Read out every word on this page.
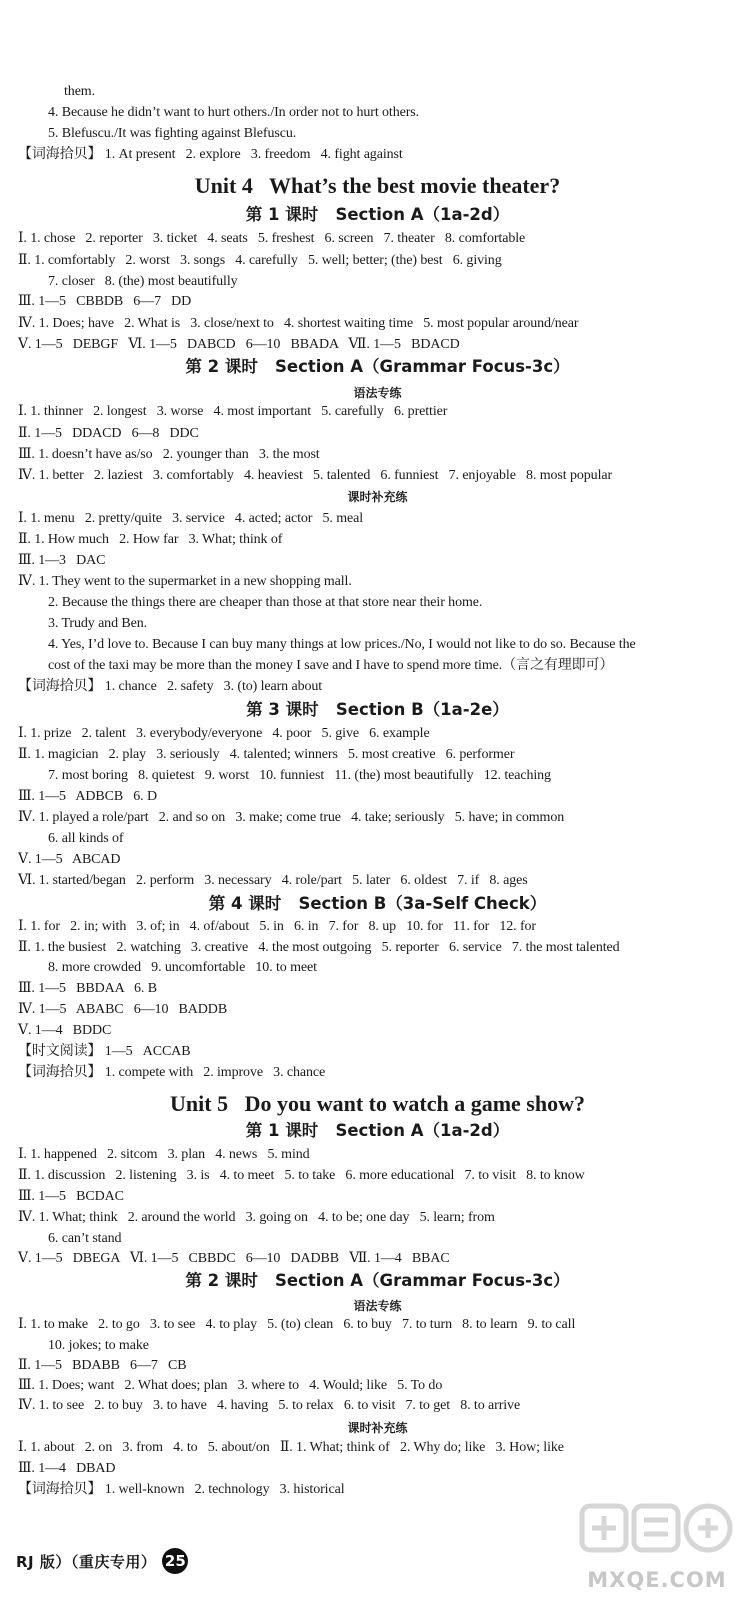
them.
4. Because he didn’t want to hurt others./In order not to hurt others.
5. Blefuscu./It was fighting against Blefuscu.
【词海拾贝】 1. At present   2. explore   3. freedom   4. fight against
Unit 4   What’s the best movie theater?
第 1 课时   Section A（1a-2d）
Ⅰ. 1. chose   2. reporter   3. ticket   4. seats   5. freshest   6. screen   7. theater   8. comfortable
Ⅱ. 1. comfortably   2. worst   3. songs   4. carefully   5. well; better; (the) best   6. giving
7. closer   8. (the) most beautifully
Ⅲ. 1—5   CBBDB   6—7   DD
Ⅳ. 1. Does; have   2. What is   3. close/next to   4. shortest waiting time   5. most popular around/near
Ⅴ. 1—5   DEBGF   Ⅵ. 1—5   DABCD   6—10   BBADA   Ⅶ. 1—5   BDACD
第 2 课时   Section A（Grammar Focus-3c）
语法专练
Ⅰ. 1. thinner   2. longest   3. worse   4. most important   5. carefully   6. prettier
Ⅱ. 1—5   DDACD   6—8   DDC
Ⅲ. 1. doesn’t have as/so   2. younger than   3. the most
Ⅳ. 1. better   2. laziest   3. comfortably   4. heaviest   5. talented   6. funniest   7. enjoyable   8. most popular
课时补充练
Ⅰ. 1. menu   2. pretty/quite   3. service   4. acted; actor   5. meal
Ⅱ. 1. How much   2. How far   3. What; think of
Ⅲ. 1—3   DAC
Ⅳ. 1. They went to the supermarket in a new shopping mall.
2. Because the things there are cheaper than those at that store near their home.
3. Trudy and Ben.
4. Yes, I’d love to. Because I can buy many things at low prices./No, I would not like to do so. Because the
cost of the taxi may be more than the money I save and I have to spend more time.（言之有理即可）
【词海拾贝】 1. chance   2. safety   3. (to) learn about
第 3 课时   Section B（1a-2e）
Ⅰ. 1. prize   2. talent   3. everybody/everyone   4. poor   5. give   6. example
Ⅱ. 1. magician   2. play   3. seriously   4. talented; winners   5. most creative   6. performer
7. most boring   8. quietest   9. worst   10. funniest   11. (the) most beautifully   12. teaching
Ⅲ. 1—5   ADBCB   6. D
Ⅳ. 1. played a role/part   2. and so on   3. make; come true   4. take; seriously   5. have; in common
6. all kinds of
Ⅴ. 1—5   ABCAD
Ⅵ. 1. started/began   2. perform   3. necessary   4. role/part   5. later   6. oldest   7. if   8. ages
第 4 课时   Section B（3a-Self Check）
Ⅰ. 1. for   2. in; with   3. of; in   4. of/about   5. in   6. in   7. for   8. up   10. for   11. for   12. for
Ⅱ. 1. the busiest   2. watching   3. creative   4. the most outgoing   5. reporter   6. service   7. the most talented
8. more crowded   9. uncomfortable   10. to meet
Ⅲ. 1—5   BBDAA   6. B
Ⅳ. 1—5   ABABC   6—10   BADDB
Ⅴ. 1—4   BDDC
【时文阅读】 1—5   ACCAB
【词海拾贝】 1. compete with   2. improve   3. chance
Unit 5   Do you want to watch a game show?
第 1 课时   Section A（1a-2d）
Ⅰ. 1. happened   2. sitcom   3. plan   4. news   5. mind
Ⅱ. 1. discussion   2. listening   3. is   4. to meet   5. to take   6. more educational   7. to visit   8. to know
Ⅲ. 1—5   BCDAC
Ⅳ. 1. What; think   2. around the world   3. going on   4. to be; one day   5. learn; from
6. can’t stand
Ⅴ. 1—5   DBEGA   Ⅵ. 1—5   CBBDC   6—10   DADBB   Ⅶ. 1—4   BBAC
第 2 课时   Section A（Grammar Focus-3c）
语法专练
Ⅰ. 1. to make   2. to go   3. to see   4. to play   5. (to) clean   6. to buy   7. to turn   8. to learn   9. to call
10. jokes; to make
Ⅱ. 1—5   BDABB   6—7   CB
Ⅲ. 1. Does; want   2. What does; plan   3. where to   4. Would; like   5. To do
Ⅳ. 1. to see   2. to buy   3. to have   4. having   5. to relax   6. to visit   7. to get   8. to arrive
课时补充练
Ⅰ. 1. about   2. on   3. from   4. to   5. about/on   Ⅱ. 1. What; think of   2. Why do; like   3. How; like
Ⅲ. 1—4   DBAD
【词海拾贝】 1. well-known   2. technology   3. historical
RJ 版）（重庆专用） 25
MXQE.COM
